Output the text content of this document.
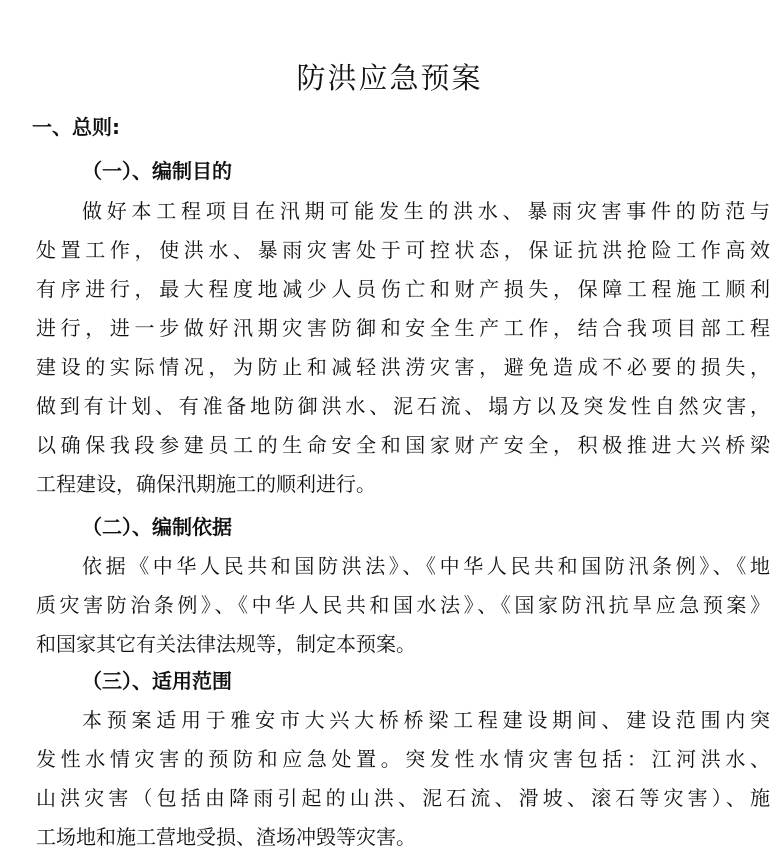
防洪应急预案
一、总则:
（一）、编制目的
做好本工程项目在汛期可能发生的洪水、暴雨灾害事件的防范与
处置工作，使洪水、暴雨灾害处于可控状态，保证抗洪抢险工作高效
有序进行，最大程度地减少人员伤亡和财产损失，保障工程施工顺利
进行，进一步做好汛期灾害防御和安全生产工作，结合我项目部工程
建设的实际情况，为防止和减轻洪涝灾害，避免造成不必要的损失，
做到有计划、有准备地防御洪水、泥石流、塌方以及突发性自然灾害，
以确保我段参建员工的生命安全和国家财产安全，积极推进大兴桥梁
工程建设，确保汛期施工的顺利进行。
（二）、编制依据
依据《中华人民共和国防洪法》、《中华人民共和国防汛条例》、《地
质灾害防治条例》、《中华人民共和国水法》、《国家防汛抗旱应急预案》
和国家其它有关法律法规等，制定本预案。
（三）、适用范围
本预案适用于雅安市大兴大桥桥梁工程建设期间、建设范围内突
发性水情灾害的预防和应急处置。突发性水情灾害包括：江河洪水、
山洪灾害（包括由降雨引起的山洪、泥石流、滑坡、滚石等灾害）、施
工场地和施工营地受损、渣场冲毁等灾害。
